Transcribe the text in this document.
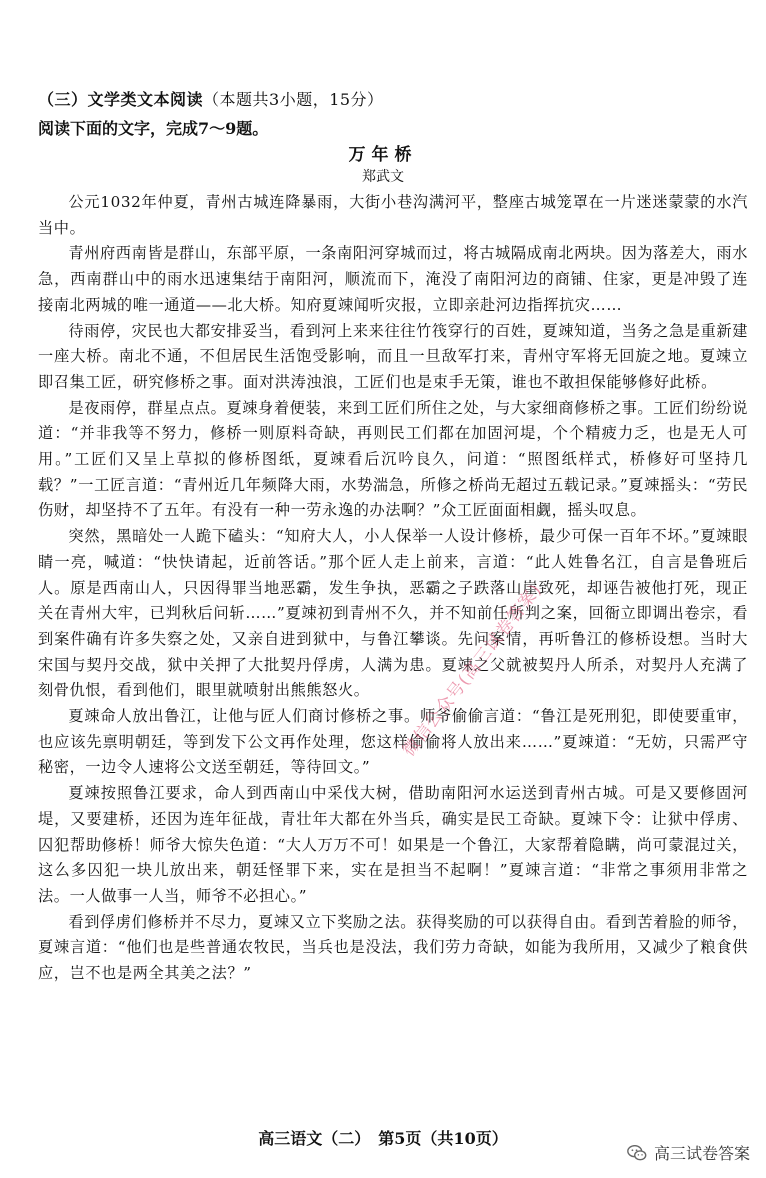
（三）文学类文本阅读（本题共3小题，15分）
阅读下面的文字，完成7～9题。
万年桥
郑武文

公元1032年仲夏，青州古城连降暴雨，大街小巷沟满河平，整座古城笼罩在一片迷迷蒙蒙的水汽当中。

青州府西南皆是群山，东部平原，一条南阳河穿城而过，将古城隔成南北两块。因为落差大，雨水急，西南群山中的雨水迅速集结于南阳河，顺流而下，淹没了南阳河边的商铺、住家，更是冲毁了连接南北两城的唯一通道——北大桥。知府夏竦闻听灾报，立即亲赴河边指挥抗灾……

待雨停，灾民也大都安排妥当，看到河上来来往往竹筏穿行的百姓，夏竦知道，当务之急是重新建一座大桥。南北不通，不但居民生活饱受影响，而且一旦敌军打来，青州守军将无回旋之地。夏竦立即召集工匠，研究修桥之事。面对洪涛浊浪，工匠们也是束手无策，谁也不敢担保能够修好此桥。

是夜雨停，群星点点。夏竦身着便装，来到工匠们所住之处，与大家细商修桥之事。工匠们纷纷说道：“并非我等不努力，修桥一则原料奇缺，再则民工们都在加固河堤，个个精疲力乏，也是无人可用。”工匠们又呈上草拟的修桥图纸，夏竦看后沉吟良久，问道：“照图纸样式，桥修好可坚持几载？”一工匠言道：“青州近几年频降大雨，水势湍急，所修之桥尚无超过五载记录。”夏竦摇头：“劳民伤财，却坚持不了五年。有没有一种一劳永逸的办法啊？”众工匠面面相觑，摇头叹息。

突然，黑暗处一人跪下磕头：“知府大人，小人保举一人设计修桥，最少可保一百年不坏。”夏竦眼睛一亮，喊道：“快快请起，近前答话。”那个匠人走上前来，言道：“此人姓鲁名江，自言是鲁班后人。原是西南山人，只因得罪当地恶霸，发生争执，恶霸之子跌落山崖致死，却诬告被他打死，现正关在青州大牢，已判秋后问斩……”夏竦初到青州不久，并不知前任所判之案，回衙立即调出卷宗，看到案件确有许多失察之处，又亲自进到狱中，与鲁江攀谈。先问案情，再听鲁江的修桥设想。当时大宋国与契丹交战，狱中关押了大批契丹俘虏，人满为患。夏竦之父就被契丹人所杀，对契丹人充满了刻骨仇恨，看到他们，眼里就喷射出熊熊怒火。

夏竦命人放出鲁江，让他与匠人们商讨修桥之事。师爷偷偷言道：“鲁江是死刑犯，即使要重审，也应该先禀明朝廷，等到发下公文再作处理，您这样偷偷将人放出来……”夏竦道：“无妨，只需严守秘密，一边令人速将公文送至朝廷，等待回文。”

夏竦按照鲁江要求，命人到西南山中采伐大树，借助南阳河水运送到青州古城。可是又要修固河堤，又要建桥，还因为连年征战，青壮年大都在外当兵，确实是民工奇缺。夏竦下令：让狱中俘虏、囚犯帮助修桥！师爷大惊失色道：“大人万万不可！如果是一个鲁江，大家帮着隐瞒，尚可蒙混过关，这么多囚犯一块儿放出来，朝廷怪罪下来，实在是担当不起啊！”夏竦言道：“非常之事须用非常之法。一人做事一人当，师爷不必担心。”

看到俘虏们修桥并不尽力，夏竦又立下奖励之法。获得奖励的可以获得自由。看到苦着脸的师爷，夏竦言道：“他们也是些普通农牧民，当兵也是没法，我们劳力奇缺，如能为我所用，又减少了粮食供应，岂不也是两全其美之法？”

微信公众号(高三试卷答案)
高三语文（二）　第5页（共10页）
高三试卷答案
